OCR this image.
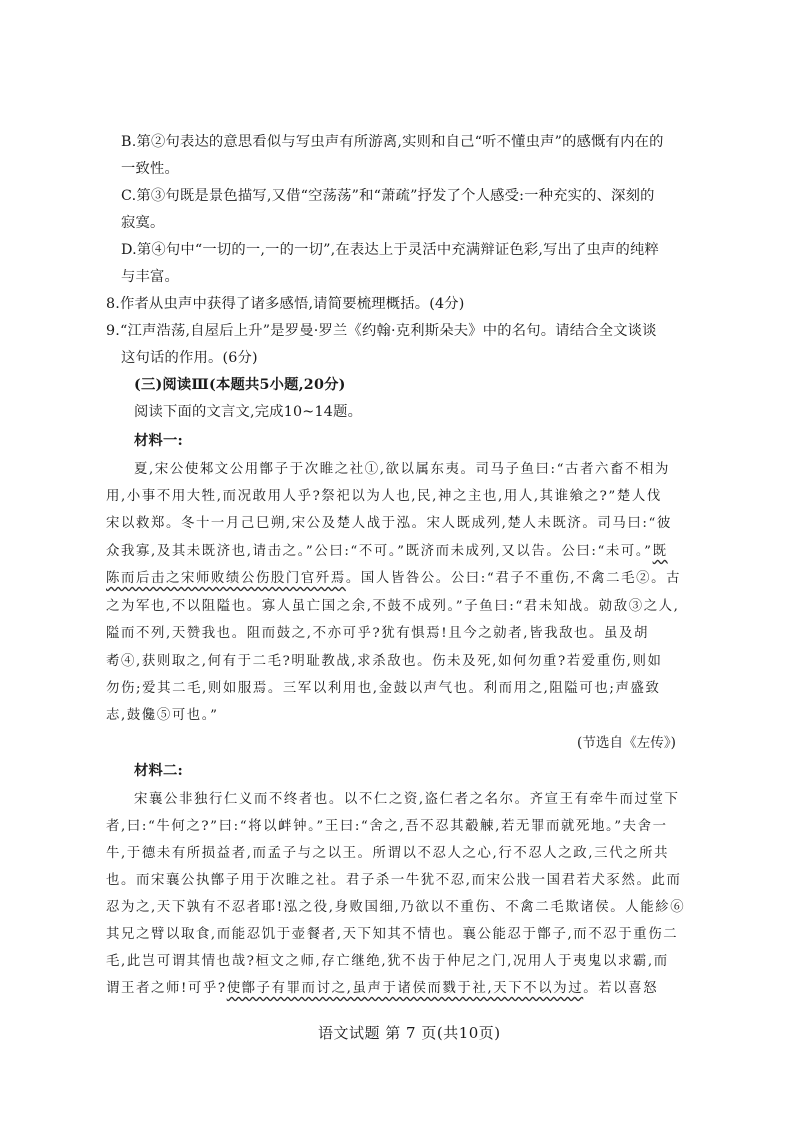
B.第②句表达的意思看似与写虫声有所游离,实则和自己“听不懂虫声”的感慨有内在的

一致性。

C.第③句既是景色描写,又借“空荡荡”和“萧疏”抒发了个人感受:一种充实的、深刻的

寂寞。

D.第④句中“一切的一,一的一切”,在表达上于灵活中充满辩证色彩,写出了虫声的纯粹

与丰富。

8.作者从虫声中获得了诸多感悟,请简要梳理概括。(4分)

9.“江声浩荡,自屋后上升”是罗曼·罗兰《约翰·克利斯朵夫》中的名句。请结合全文谈谈

这句话的作用。(6分)

(三)阅读Ⅲ(本题共5小题,20分)

阅读下面的文言文,完成10~14题。

材料一:

夏,宋公使邾文公用鄫子于次睢之社①,欲以属东夷。司马子鱼曰:“古者六畜不相为

用,小事不用大牲,而况敢用人乎?祭祀以为人也,民,神之主也,用人,其谁飨之?”楚人伐

宋以救郑。冬十一月己巳朔,宋公及楚人战于泓。宋人既成列,楚人未既济。司马曰:“彼

众我寡,及其未既济也,请击之。”公曰:“不可。”既济而未成列,又以告。公曰:“未可。”既

陈而后击之宋师败绩公伤股门官歼焉。国人皆咎公。公曰:“君子不重伤,不禽二毛②。古

之为军也,不以阻隘也。寡人虽亡国之余,不鼓不成列。”子鱼曰:“君未知战。勍敌③之人,

隘而不列,天赞我也。阻而鼓之,不亦可乎?犹有惧焉!且今之勍者,皆我敌也。虽及胡

耇④,获则取之,何有于二毛?明耻教战,求杀敌也。伤未及死,如何勿重?若爱重伤,则如

勿伤;爱其二毛,则如服焉。三军以利用也,金鼓以声气也。利而用之,阻隘可也;声盛致

志,鼓儳⑤可也。”

(节选自《左传》)

材料二:

宋襄公非独行仁义而不终者也。以不仁之资,盗仁者之名尔。齐宣王有牵牛而过堂下

者,曰:“牛何之?”曰:“将以衅钟。”王曰:“舍之,吾不忍其觳觫,若无罪而就死地。”夫舍一

牛,于德未有所损益者,而孟子与之以王。所谓以不忍人之心,行不忍人之政,三代之所共

也。而宋襄公执鄫子用于次睢之社。君子杀一牛犹不忍,而宋公戕一国君若犬豕然。此而

忍为之,天下孰有不忍者耶!泓之役,身败国细,乃欲以不重伤、不禽二毛欺诸侯。人能紾⑥

其兄之臂以取食,而能忍饥于壶餐者,天下知其不情也。襄公能忍于鄫子,而不忍于重伤二

毛,此岂可谓其情也哉?桓文之师,存亡继绝,犹不齿于仲尼之门,况用人于夷鬼以求霸,而

谓王者之师!可乎?使鄫子有罪而讨之,虽声于诸侯而戮于社,天下不以为过。若以喜怒

语文试题 第 7 页(共10页)
